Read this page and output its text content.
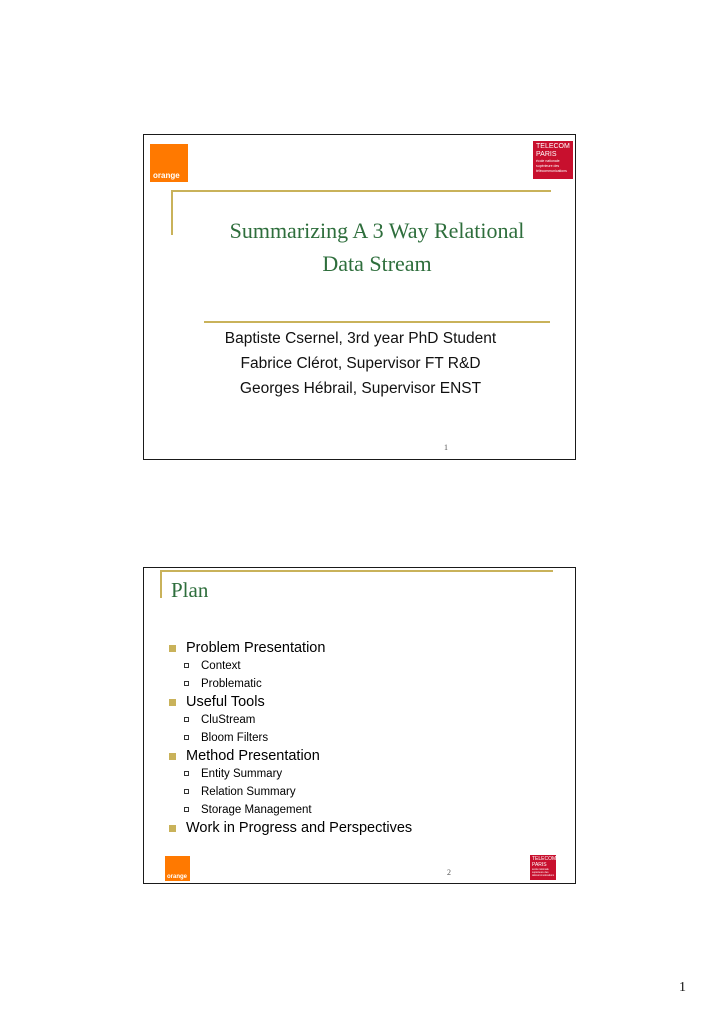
orange
TELECOM
PARIS
école nationale
supérieure des
télécommunications
Summarizing A 3 Way Relational
Data Stream
Baptiste Csernel, 3rd year PhD Student
Fabrice Clérot, Supervisor FT R&D
Georges Hébrail, Supervisor ENST
1
Plan
Problem Presentation
Context
Problematic
Useful Tools
CluStream
Bloom Filters
Method Presentation
Entity Summary
Relation Summary
Storage Management
Work in Progress and Perspectives
orange
TELECOM
PARIS
école nationale
supérieure des
télécommunications
2
1
